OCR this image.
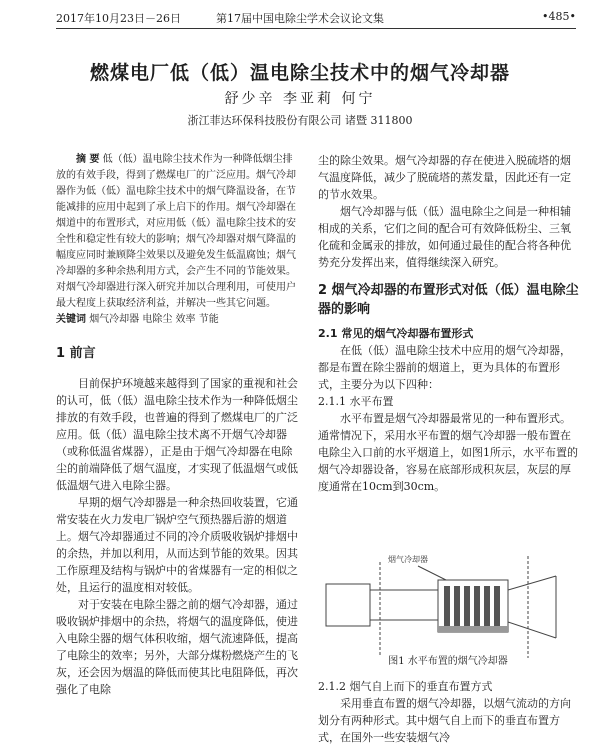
2017年10月23日－26日	第17届中国电除尘学术会议论文集	•485•
燃煤电厂低（低）温电除尘技术中的烟气冷却器
舒少辛 李亚莉 何宁
浙江菲达环保科技股份有限公司 诸暨 311800

摘 要 低（低）温电除尘技术作为一种降低烟尘排放的有效手段，得到了燃煤电厂的广泛应用。烟气冷却器作为低（低）温电除尘技术中的烟气降温设备，在节能减排的应用中起到了承上启下的作用。烟气冷却器在烟道中的布置形式，对应用低（低）温电除尘技术的安全性和稳定性有较大的影响；烟气冷却器对烟气降温的幅度应同时兼顾降尘效果以及避免发生低温腐蚀；烟气冷却器的多种余热利用方式，会产生不同的节能效果。对烟气冷却器进行深入研究并加以合理利用，可使用户最大程度上获取经济利益，并解决一些其它问题。

关键词 烟气冷却器 电除尘 效率 节能

1 前言

目前保护环境越来越得到了国家的重视和社会的认可，低（低）温电除尘技术作为一种降低烟尘排放的有效手段，也普遍的得到了燃煤电厂的广泛应用。低（低）温电除尘技术离不开烟气冷却器（或称低温省煤器），正是由于烟气冷却器在电除尘的前端降低了烟气温度，才实现了低温烟气或低低温烟气进入电除尘器。

早期的烟气冷却器是一种余热回收装置，它通常安装在火力发电厂锅炉空气预热器后游的烟道上。烟气冷却器通过不同的冷介质吸收锅炉排烟中的余热，并加以利用，从而达到节能的效果。因其工作原理及结构与锅炉中的省煤器有一定的相似之处，且运行的温度相对较低。

对于安装在电除尘器之前的烟气冷却器，通过吸收锅炉排烟中的余热，将烟气的温度降低，使进入电除尘器的烟气体积收缩，烟气流速降低，提高了电除尘的效率；另外，大部分煤粉燃烧产生的飞灰，还会因为烟温的降低而使其比电阻降低，再次强化了电除

尘的除尘效果。烟气冷却器的存在使进入脱硫塔的烟气温度降低，减少了脱硫塔的蒸发量，因此还有一定的节水效果。

烟气冷却器与低（低）温电除尘之间是一种相辅相成的关系，它们之间的配合可有效降低粉尘、三氧化硫和金属汞的排放，如何通过最佳的配合将各种优势充分发挥出来，值得继续深入研究。

2 烟气冷却器的布置形式对低（低）温电除尘器的影响
2.1 常见的烟气冷却器布置形式

在低（低）温电除尘技术中应用的烟气冷却器，都是布置在除尘器前的烟道上，更为具体的布置形式，主要分为以下四种：

2.1.1 水平布置

水平布置是烟气冷却器最常见的一种布置形式。通常情况下，采用水平布置的烟气冷却器一般布置在电除尘入口前的水平烟道上，如图1所示，水平布置的烟气冷却器设备，容易在底部形成积灰层，灰层的厚度通常在10cm到30cm。

烟气冷却器
图1 水平布置的烟气冷却器
2.1.2 烟气自上而下的垂直布置方式

采用垂直布置的烟气冷却器，以烟气流动的方向划分有两种形式。其中烟气自上而下的垂直布置方式，在国外一些安装烟气冷
